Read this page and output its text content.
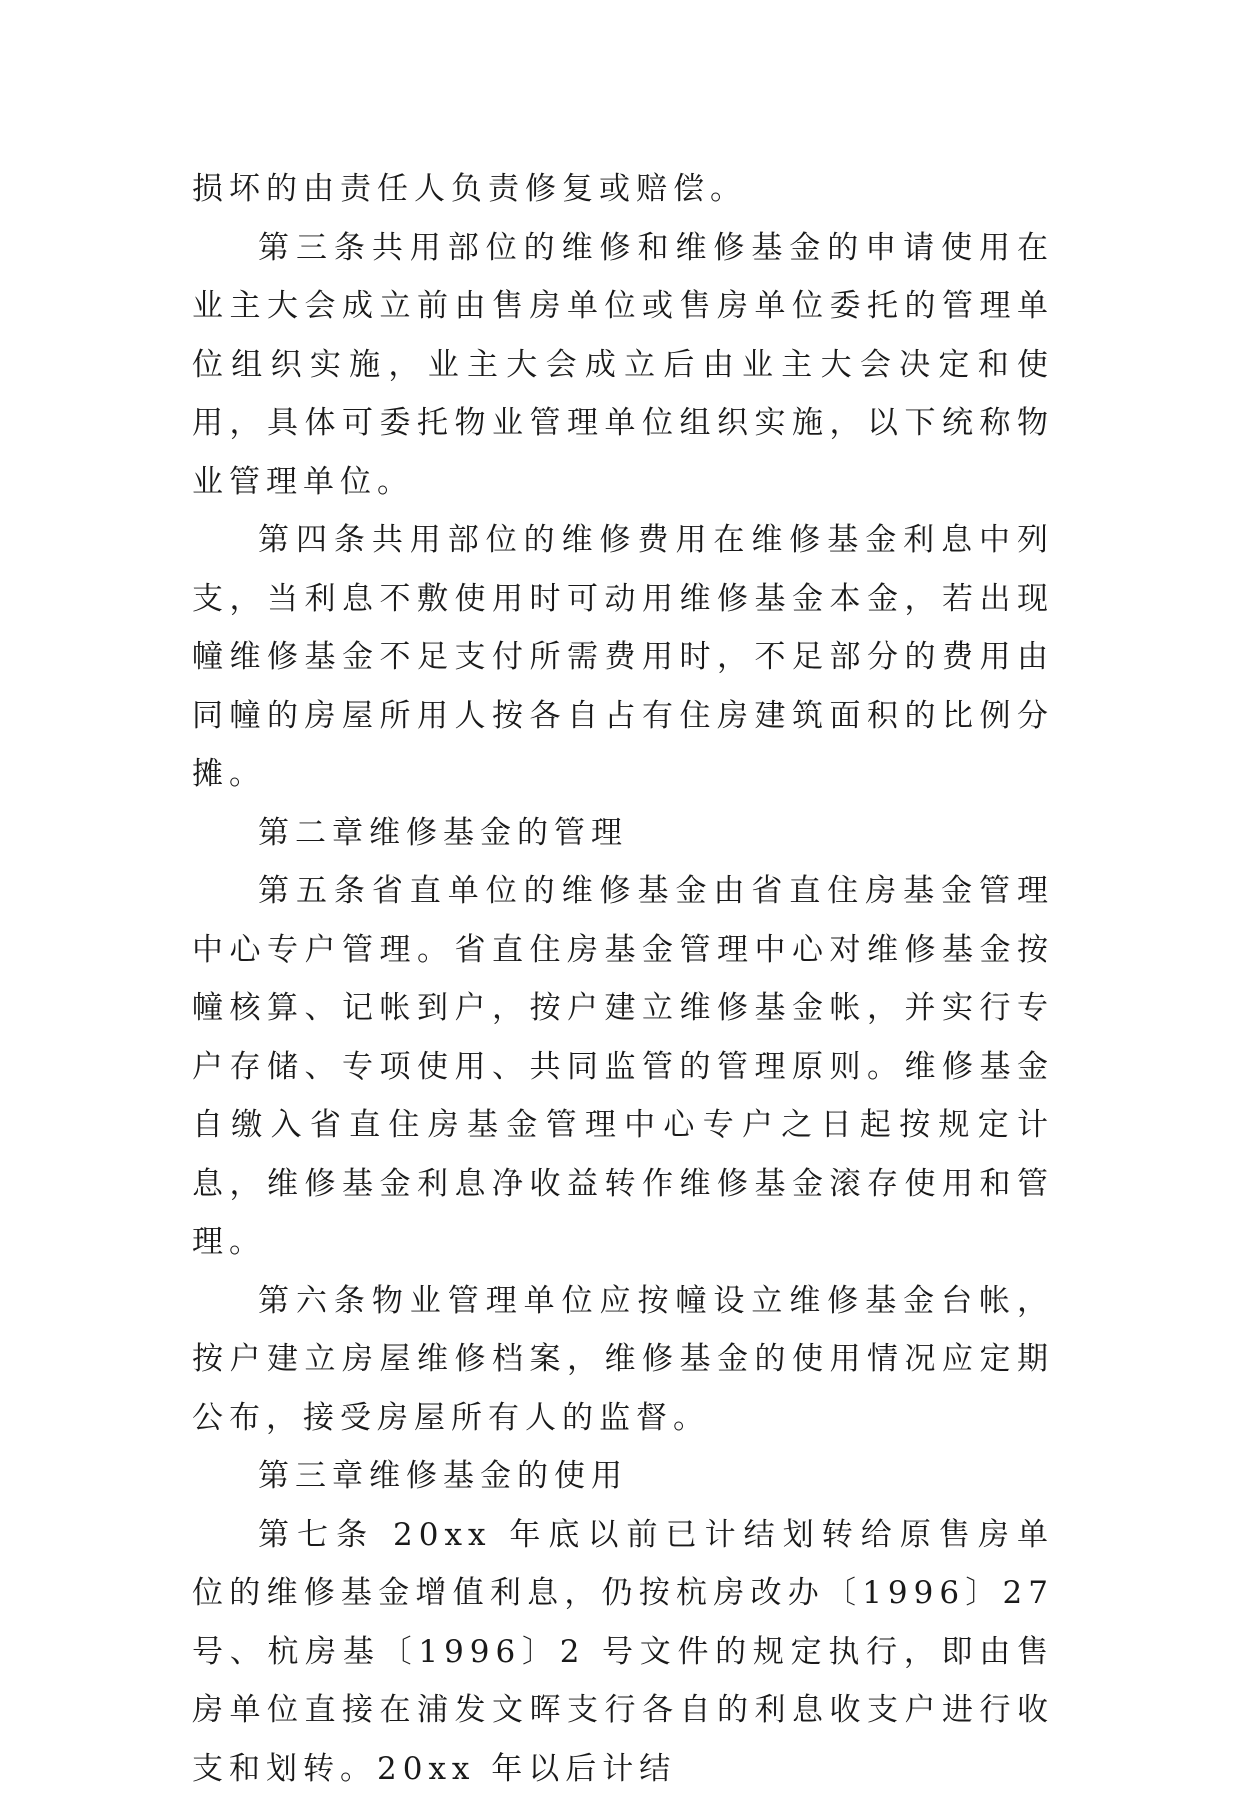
损坏的由责任人负责修复或赔偿。

第三条共用部位的维修和维修基金的申请使用在业主大会成立前由售房单位或售房单位委托的管理单位组织实施，业主大会成立后由业主大会决定和使用，具体可委托物业管理单位组织实施，以下统称物业管理单位。

第四条共用部位的维修费用在维修基金利息中列支，当利息不敷使用时可动用维修基金本金，若出现幢维修基金不足支付所需费用时，不足部分的费用由同幢的房屋所用人按各自占有住房建筑面积的比例分摊。

第二章维修基金的管理

第五条省直单位的维修基金由省直住房基金管理中心专户管理。省直住房基金管理中心对维修基金按幢核算、记帐到户，按户建立维修基金帐，并实行专户存储、专项使用、共同监管的管理原则。维修基金自缴入省直住房基金管理中心专户之日起按规定计息，维修基金利息净收益转作维修基金滚存使用和管理。

第六条物业管理单位应按幢设立维修基金台帐，按户建立房屋维修档案，维修基金的使用情况应定期公布，接受房屋所有人的监督。

第三章维修基金的使用

第七条 20xx 年底以前已计结划转给原售房单位的维修基金增值利息，仍按杭房改办〔1996〕27 号、杭房基〔1996〕2 号文件的规定执行，即由售房单位直接在浦发文晖支行各自的利息收支户进行收支和划转。20xx 年以后计结
